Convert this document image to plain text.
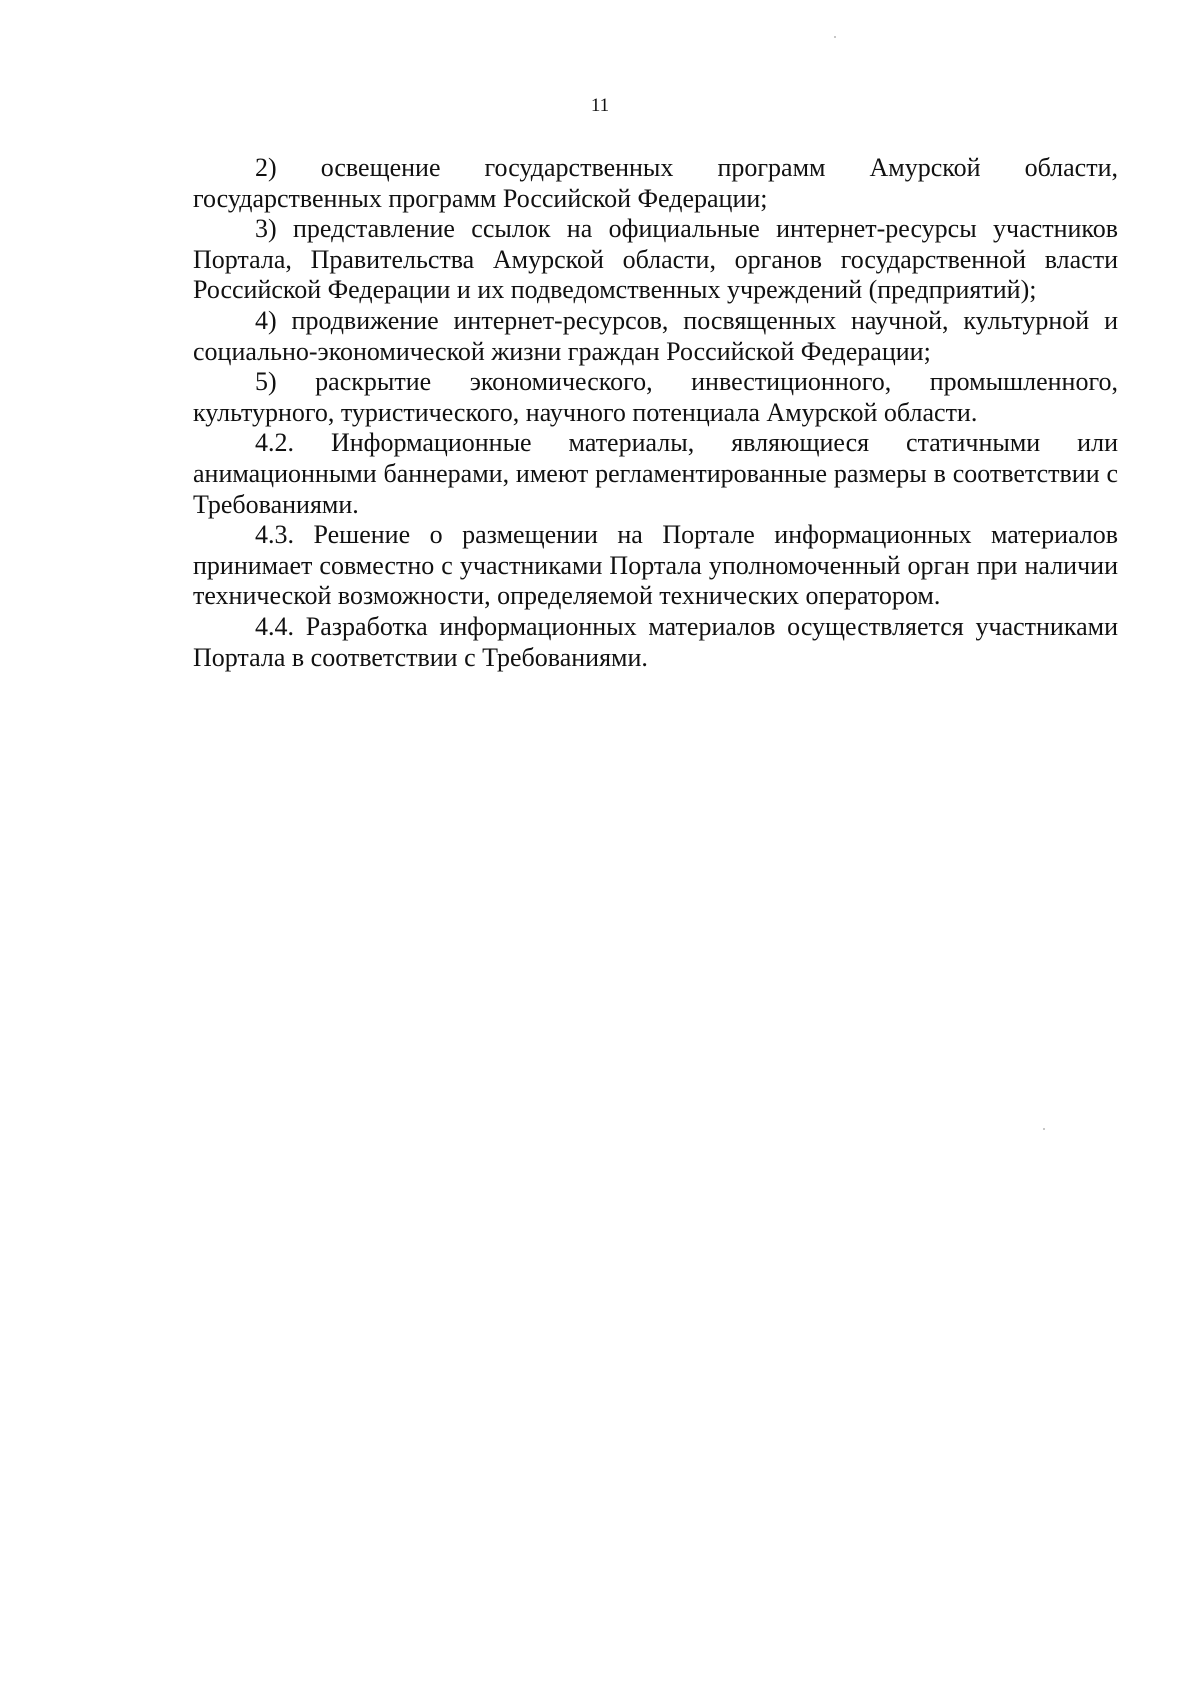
11

2) освещение государственных программ Амурской области, государственных программ Российской Федерации;

3) представление ссылок на официальные интернет-ресурсы участников Портала, Правительства Амурской области, органов государственной власти Российской Федерации и их подведомственных учреждений (предприятий);

4) продвижение интернет-ресурсов, посвященных научной, культурной и социально-экономической жизни граждан Российской Федерации;

5) раскрытие экономического, инвестиционного, промышленного, культурного, туристического, научного потенциала Амурской области.

4.2. Информационные материалы, являющиеся статичными или анимационными баннерами, имеют регламентированные размеры в соответствии с Требованиями.

4.3. Решение о размещении на Портале информационных материалов принимает совместно с участниками Портала уполномоченный орган при наличии технической возможности, определяемой технических оператором.

4.4. Разработка информационных материалов осуществляется участниками Портала в соответствии с Требованиями.
